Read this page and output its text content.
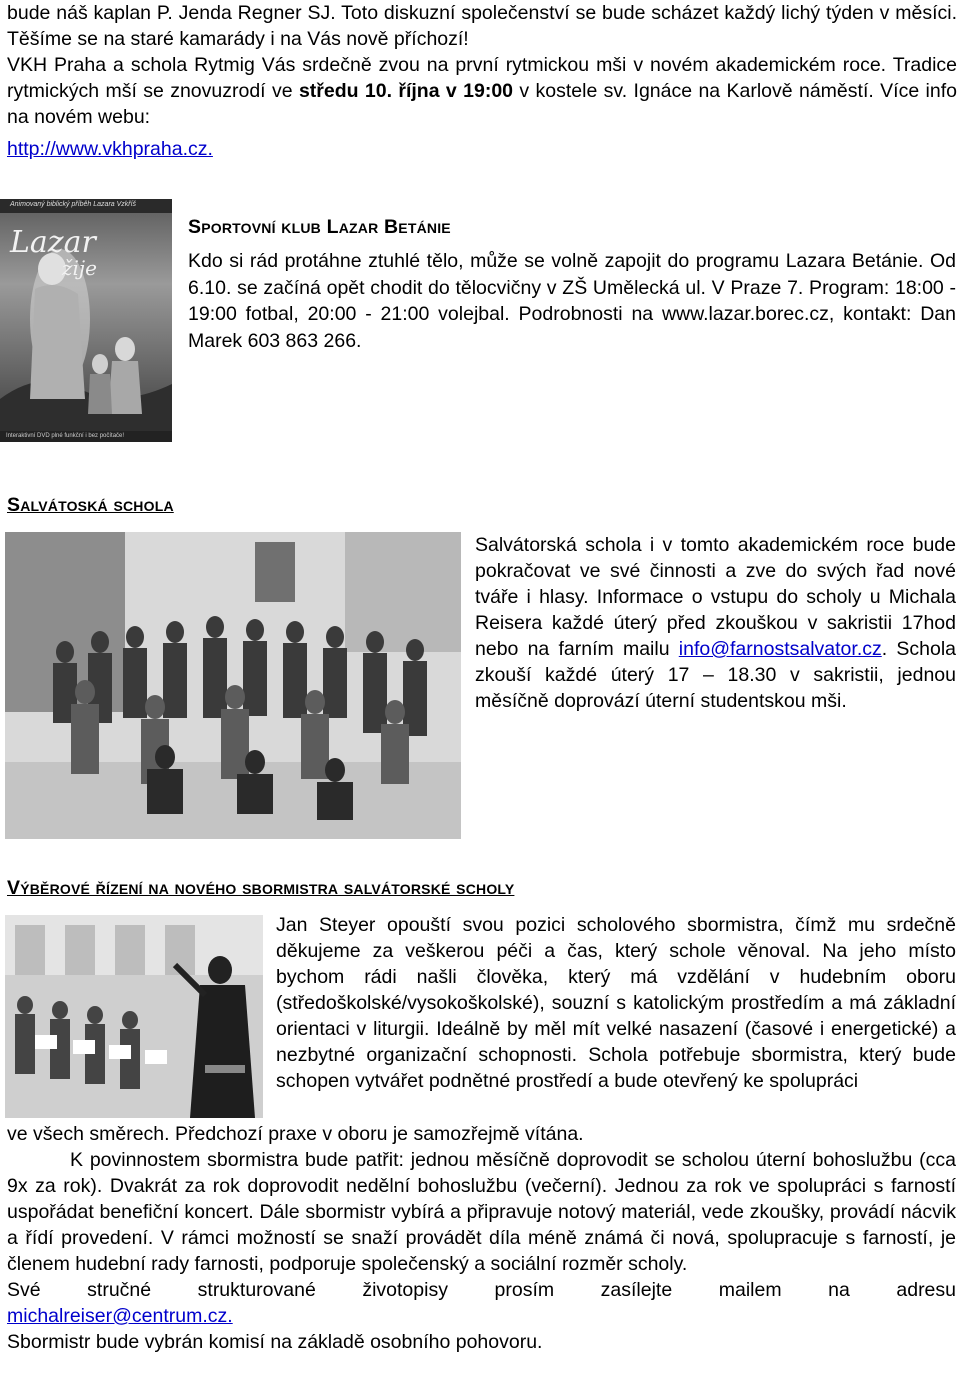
bude náš kaplan P. Jenda Regner SJ. Toto diskuzní společenství se bude scházet každý lichý týden v měsíci. Těšíme se na staré kamarády i na Vás nově příchozí!

VKH Praha a schola Rytmig Vás srdečně zvou na první rytmickou mši v novém akademickém roce. Tradice rytmických mší se znovuzrodí ve středu 10. října v 19:00 v kostele sv. Ignáce na Karlově náměstí. Více info na novém webu:

http://www.vkhpraha.cz.

Animovaný biblický příběh Lazara Vzkříš
Lazar
žije
Interaktivní DVD plné funkční i bez počítače!
Sportovní klub Lazar Betánie

Kdo si rád protáhne ztuhlé tělo, může se volně zapojit do programu Lazara Betánie. Od 6.10. se začíná opět chodit do tělocvičny v ZŠ Umělecká ul. V Praze 7. Program: 18:00 - 19:00 fotbal, 20:00 - 21:00 volejbal. Podrobnosti na www.lazar.borec.cz, kontakt: Dan Marek 603 863 266.

Salvátoská schola

Salvátorská schola i v tomto akademickém roce bude pokračovat ve své činnosti a zve do svých řad nové tváře i hlasy. Informace o vstupu do scholy u Michala Reisera každé úterý před zkouškou v sakristii 17hod nebo na farním mailu info@farnostsalvator.cz. Schola zkouší každé úterý 17 – 18.30 v sakristii, jednou měsíčně doprovází úterní studentskou mši.

Výběrové řízení na nového sbormistra salvátorské scholy

Jan Steyer opouští svou pozici scholového sbormistra, čímž mu srdečně děkujeme za veškerou péči a čas, který schole věnoval. Na jeho místo bychom rádi našli člověka, který má vzdělání v hudebním oboru (středoškolské/vysokoškolské), souzní s katolickým prostředím a má základní orientaci v liturgii. Ideálně by měl mít velké nasazení (časové i energetické) a nezbytné organizační schopnosti. Schola potřebuje sbormistra, který bude schopen vytvářet podnětné prostředí a bude otevřený ke spolupráci

ve všech směrech. Předchozí praxe v oboru je samozřejmě vítána.

K povinnostem sbormistra bude patřit: jednou měsíčně doprovodit se scholou úterní bohoslužbu (cca 9x za rok). Dvakrát za rok doprovodit nedělní bohoslužbu (večerní). Jednou za rok ve spolupráci s farností uspořádat benefiční koncert. Dále sbormistr vybírá a připravuje notový materiál, vede zkoušky, provádí nácvik a řídí provedení. V rámci možností se snaží provádět díla méně známá či nová, spolupracuje s farností, je členem hudební rady farnosti, podporuje společenský a sociální rozměr scholy.

Své stručné strukturované životopisy prosím zasílejte mailem na adresu

michalreiser@centrum.cz.

Sbormistr bude vybrán komisí na základě osobního pohovoru.
